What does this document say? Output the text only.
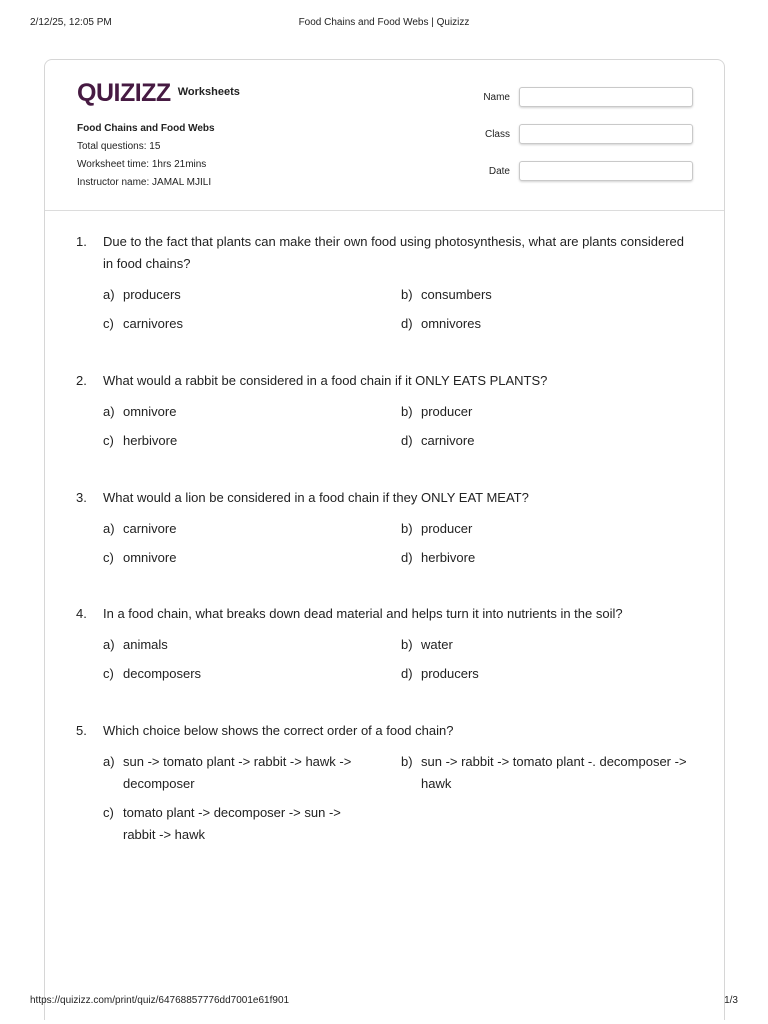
2/12/25, 12:05 PM	Food Chains and Food Webs | Quizizz
QUIZIZZ Worksheets
Food Chains and Food Webs
Total questions: 15
Worksheet time: 1hrs 21mins
Instructor name: JAMAL MJILI
Name
Class
Date
1.	Due to the fact that plants can make their own food using photosynthesis, what are plants considered in food chains?
a) producers	b) consumbers
c) carnivores	d) omnivores
2.	What would a rabbit be considered in a food chain if it ONLY EATS PLANTS?
a) omnivore	b) producer
c) herbivore	d) carnivore
3.	What would a lion be considered in a food chain if they ONLY EAT MEAT?
a) carnivore	b) producer
c) omnivore	d) herbivore
4.	In a food chain, what breaks down dead material and helps turn it into nutrients in the soil?
a) animals	b) water
c) decomposers	d) producers
5.	Which choice below shows the correct order of a food chain?
a) sun -> tomato plant -> rabbit -> hawk -> decomposer
b) sun -> rabbit -> tomato plant -. decomposer -> hawk
c) tomato plant -> decomposer -> sun -> rabbit -> hawk
https://quizizz.com/print/quiz/64768857776dd7001e61f901	1/3
